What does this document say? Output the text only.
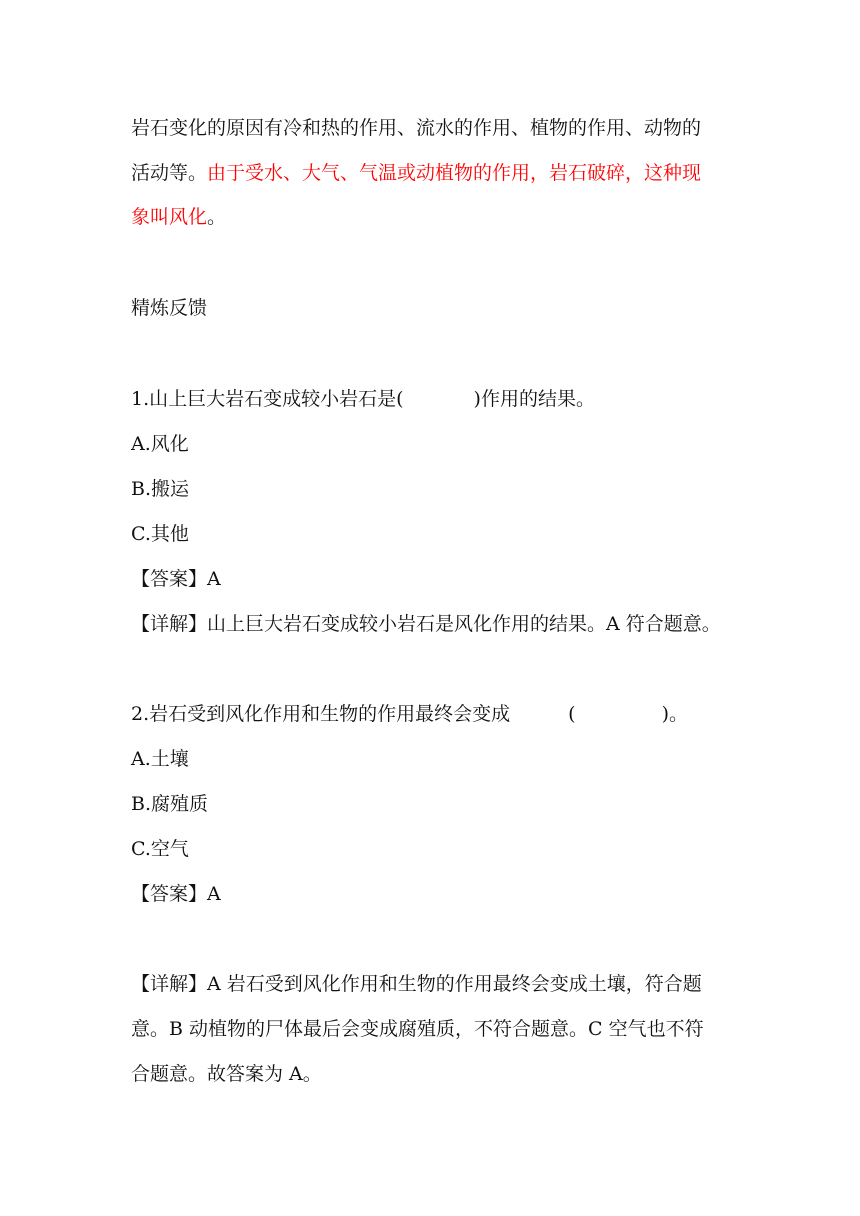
岩石变化的原因有冷和热的作用、流水的作用、植物的作用、动物的
活动等。由于受水、大气、气温或动植物的作用，岩石破碎，这种现
象叫风化。
精炼反馈
1.山上巨大岩石变成较小岩石是(	)作用的结果。
A.风化
B.搬运
C.其他
【答案】A
【详解】山上巨大岩石变成较小岩石是风化作用的结果。A 符合题意。
2.岩石受到风化作用和生物的作用最终会变成	(	)。
A.土壤
B.腐殖质
C.空气
【答案】A
【详解】A 岩石受到风化作用和生物的作用最终会变成土壤，符合题
意。B 动植物的尸体最后会变成腐殖质，不符合题意。C 空气也不符
合题意。故答案为 A。
